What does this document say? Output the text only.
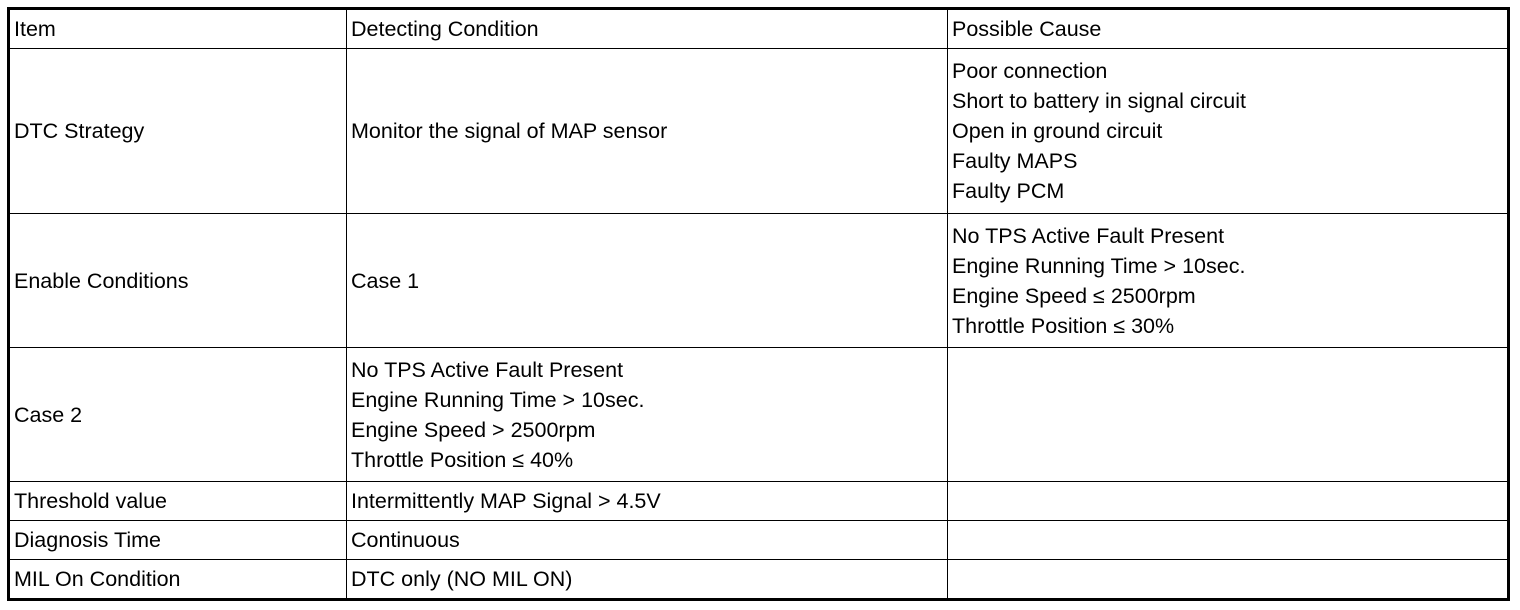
Item	Detecting Condition	Possible Cause
DTC Strategy	Monitor the signal of MAP sensor	Poor connection
Short to battery in signal circuit
Open in ground circuit
Faulty MAPS
Faulty PCM

Enable Conditions	Case 1	No TPS Active Fault Present
Engine Running Time > 10sec.
Engine Speed ≤ 2500rpm
Throttle Position ≤ 30%

Case 2	No TPS Active Fault Present
Engine Running Time > 10sec.
Engine Speed > 2500rpm
Throttle Position ≤ 40%	

Threshold value	Intermittently MAP Signal > 4.5V	

Diagnosis Time	Continuous	

MIL On Condition	DTC only (NO MIL ON)	
